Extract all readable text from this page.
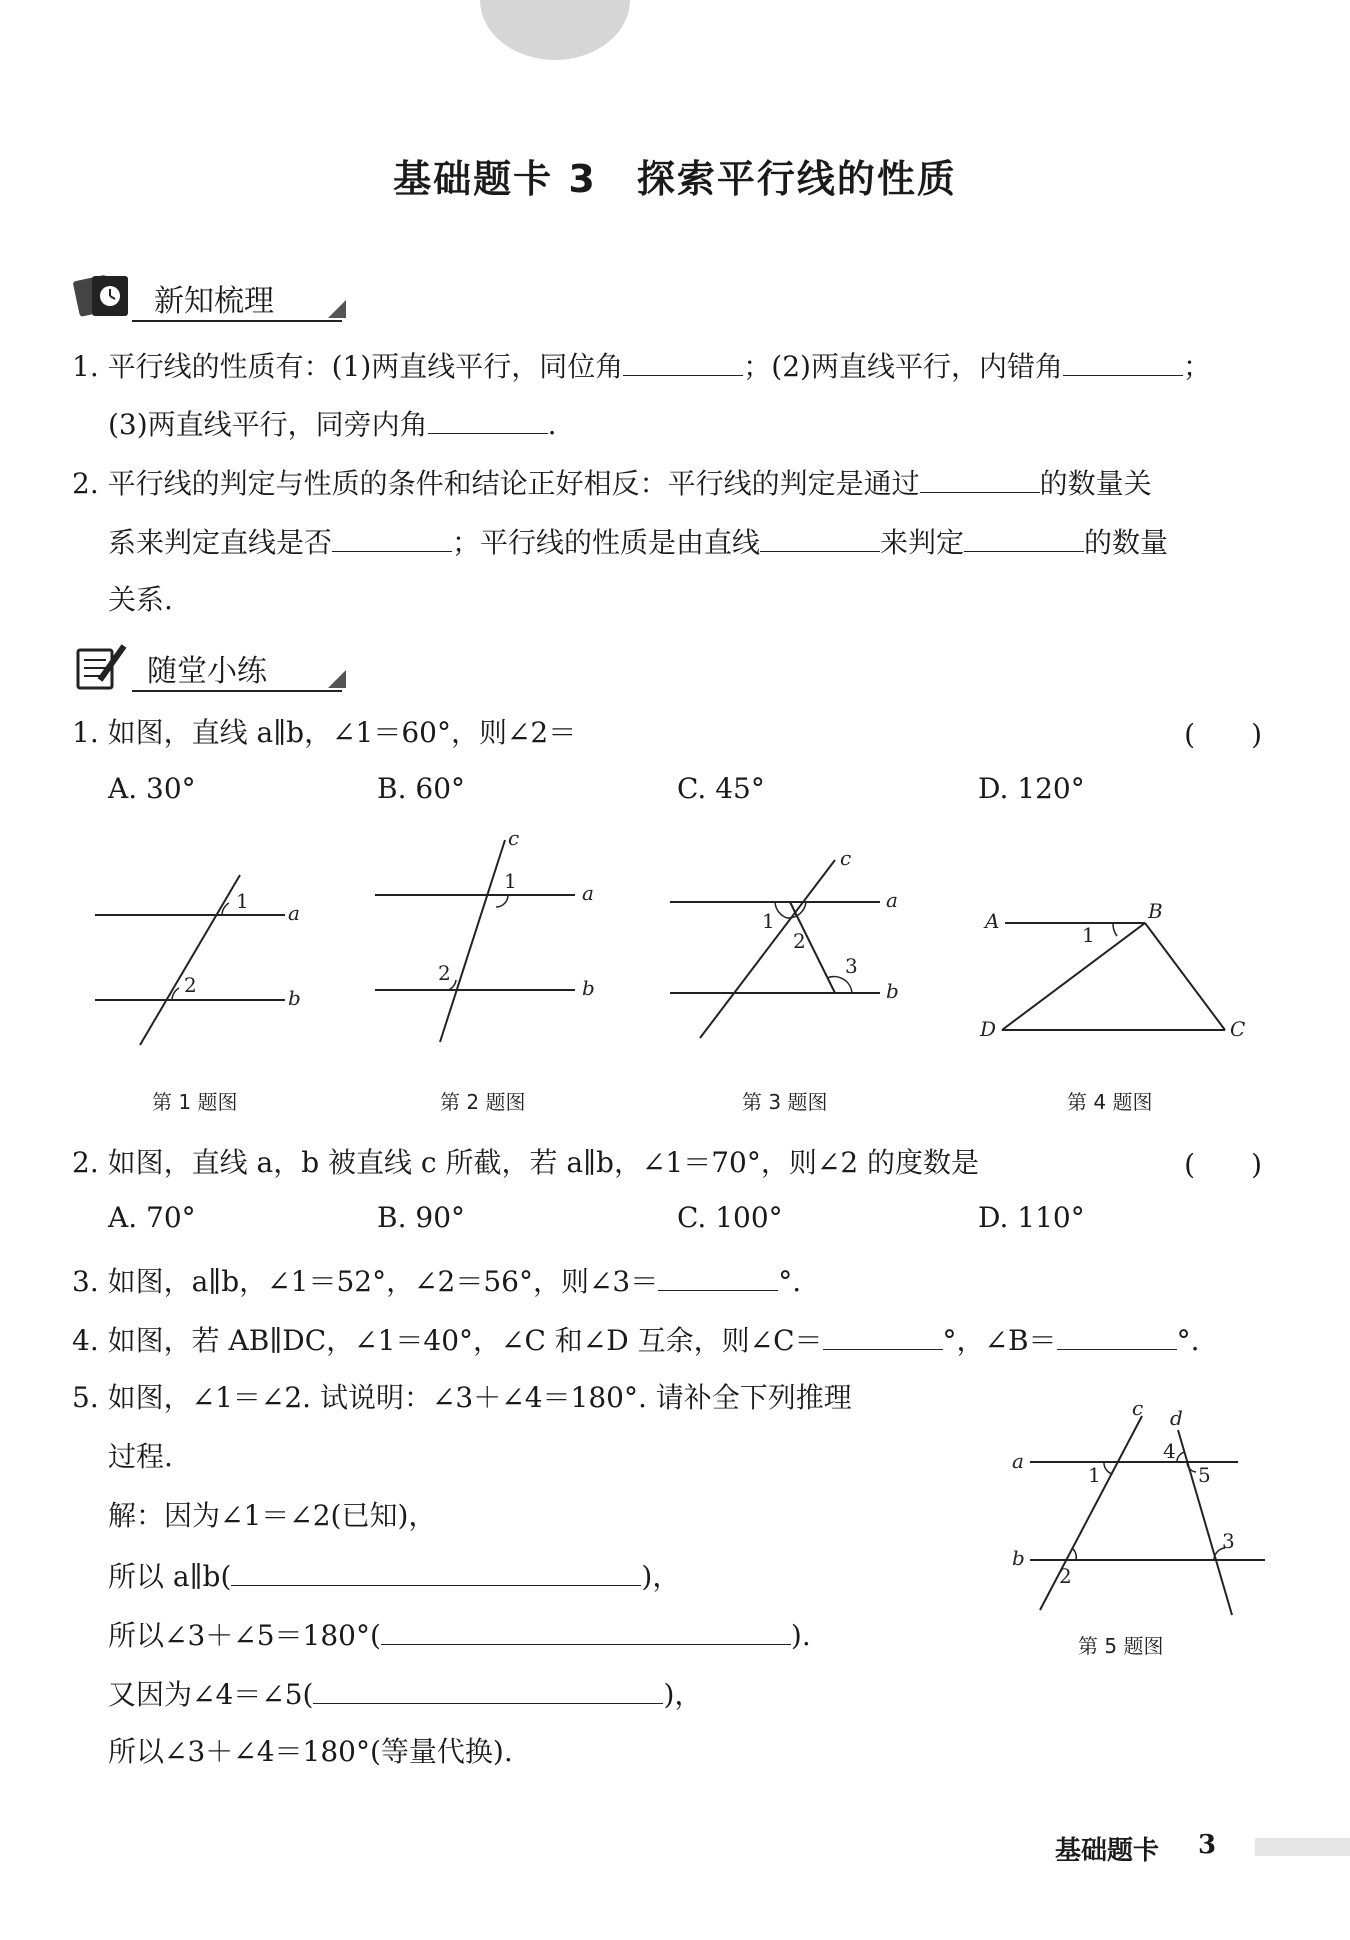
基础题卡 3　探索平行线的性质
新知梳理
1. 平行线的性质有：(1)两直线平行，同位角	；(2)两直线平行，内错角	；
(3)两直线平行，同旁内角	.
2. 平行线的判定与性质的条件和结论正好相反：平行线的判定是通过	的数量关
系来判定直线是否	；平行线的性质是由直线	来判定	的数量
关系.
随堂小练
1. 如图，直线 a∥b，∠1＝60°，则∠2＝	(　　)
A. 30°	B. 60°	C. 45°	D. 120°
1
2
a
b
1
2
c
a
b
1
2
3
c
a
b
1
A	B
C
D
第 1 题图	第 2 题图	第 3 题图	第 4 题图
2. 如图，直线 a，b 被直线 c 所截，若 a∥b，∠1＝70°，则∠2 的度数是	(　　)
A. 70°	B. 90°	C. 100°	D. 110°
3. 如图，a∥b，∠1＝52°，∠2＝56°，则∠3＝	°.
4. 如图，若 AB∥DC，∠1＝40°，∠C 和∠D 互余，则∠C＝	°，∠B＝	°.
5. 如图，∠1＝∠2. 试说明：∠3＋∠4＝180°. 请补全下列推理
过程.
解：因为∠1＝∠2(已知)，
所以 a∥b(	)，
所以∠3＋∠5＝180°(	).
又因为∠4＝∠5(	)，
所以∠3＋∠4＝180°(等量代换).
1
2
3
4
5
c d
a
b
第 5 题图
基础题卡 3
